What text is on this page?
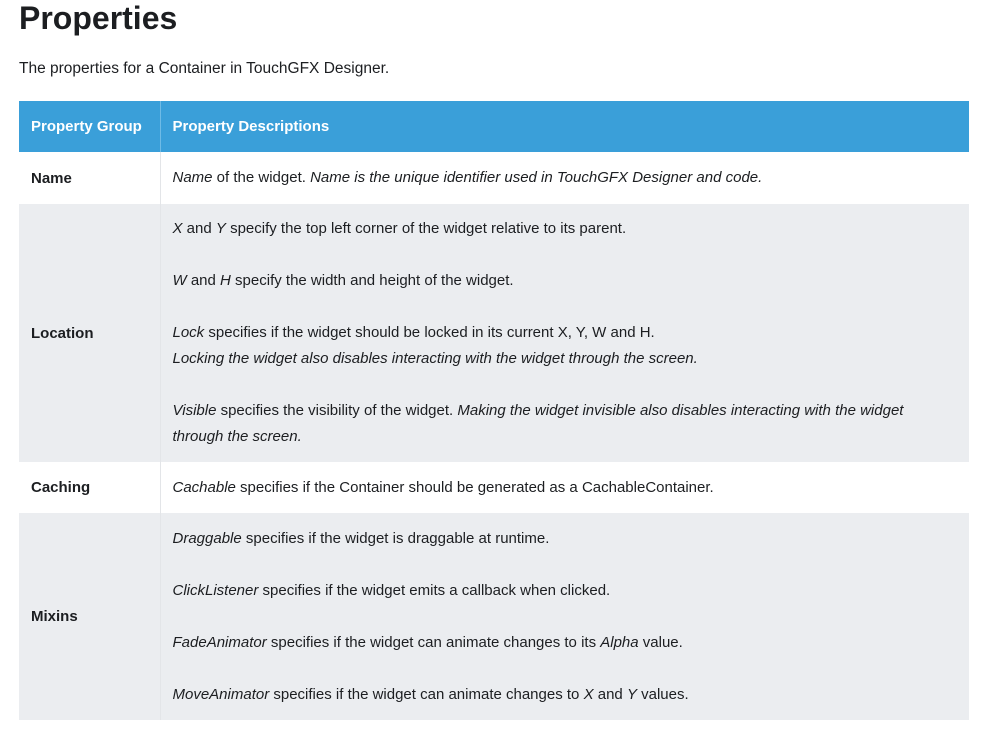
Properties

The properties for a Container in TouchGFX Designer.

Property Group	Property Descriptions
Name	Name of the widget. Name is the unique identifier used in TouchGFX Designer and code.

Location	X and Y specify the top left corner of the widget relative to its parent.

W and H specify the width and height of the widget.

Lock specifies if the widget should be locked in its current X, Y, W and H.

Locking the widget also disables interacting with the widget through the screen.

Visible specifies the visibility of the widget. Making the widget invisible also disables interacting with the widget through the screen.

Caching	Cachable specifies if the Container should be generated as a CachableContainer.

Mixins	Draggable specifies if the widget is draggable at runtime.

ClickListener specifies if the widget emits a callback when clicked.

FadeAnimator specifies if the widget can animate changes to its Alpha value.

MoveAnimator specifies if the widget can animate changes to X and Y values.
